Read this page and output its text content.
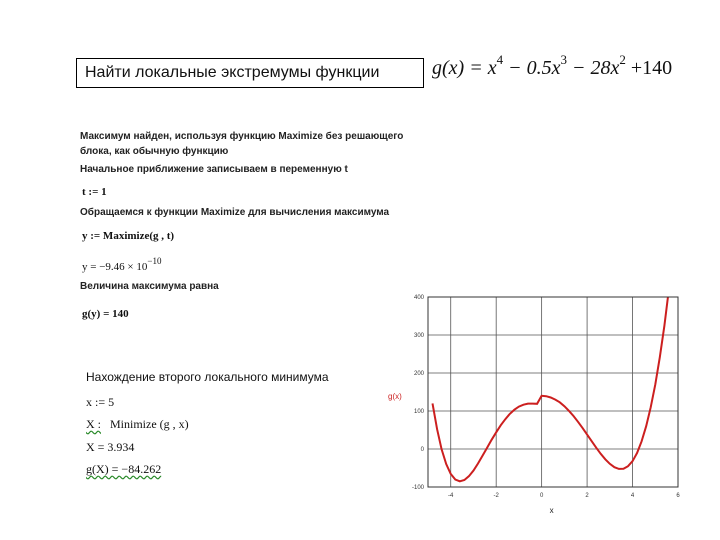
Найти локальные экстремумы функции	$g(x) = x^4 - 0.5x^3 - 28x^2 +140$
Максимум найден, используя функцию Maximize без решающего
блока, как обычную функцию
Начальное приближение записываем в переменную t
t := 1
Обращаемся к функции Maximize для вычисления максимума
y := Maximize(g , t)
$y = -9.46 \times 10^{-10}$
Величина максимума равна
g(y) = 140
Нахождение второго локального минимума
x := 5
X : Minimize (g , x)
X = 3.934
g(X) = −84.262
-4	-2	0	2	4	6
400
300
200
100
0
-100
g(x)
x
